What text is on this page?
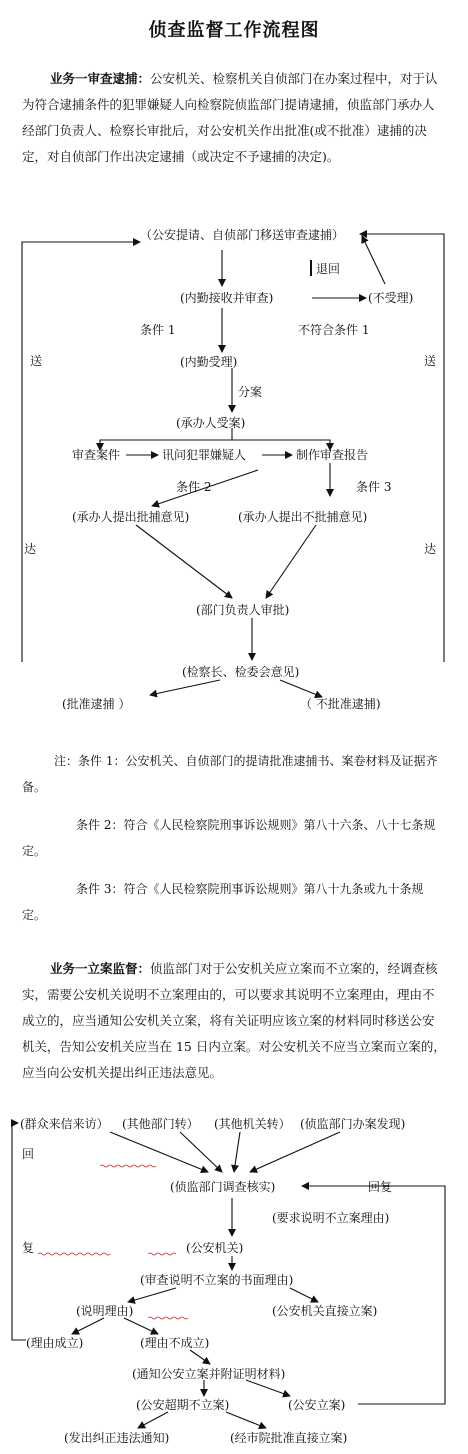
侦查监督工作流程图
业务一审查逮捕：公安机关、检察机关自侦部门在办案过程中，对于认为符合逮捕条件的犯罪嫌疑人向检察院侦监部门提请逮捕，侦监部门承办人经部门负责人、检察长审批后，对公安机关作出批准(或不批准）逮捕的决定，对自侦部门作出决定逮捕（或决定不予逮捕的决定)。
（公安提请、自侦部门移送审查逮捕）
退回
(内勤接收并审查)	(不受理)
条件 1	不符合条件 1
(内勤受理)
分案
(承办人受案)
审查案件	讯问犯罪嫌疑人	制作审查报告
条件 2	条件 3
(承办人提出批捕意见)	(承办人提出不批捕意见)
(部门负责人审批)
(检察长、检委会意见)
(批准逮捕 ）	（ 不批准逮捕)
送
达
送
达
注：条件 1：公安机关、自侦部门的提请批准逮捕书、案卷材料及证据齐备。
条件 2：符合《人民检察院刑事诉讼规则》第八十六条、八十七条规定。
条件 3：符合《人民检察院刑事诉讼规则》第八十九条或九十条规定。
业务一立案监督：侦监部门对于公安机关应立案而不立案的，经调查核实，需要公安机关说明不立案理由的，可以要求其说明不立案理由，理由不成立的，应当通知公安机关立案，将有关证明应该立案的材料同时移送公安机关，告知公安机关应当在 15 日内立案。对公安机关不应当立案而立案的，应当向公安机关提出纠正违法意见。
(群众来信来访） (其他部门转） (其他机关转） (侦监部门办案发现)
回
(侦监部门调查核实)	回复
(要求说明不立案理由)
复	(公安机关)
(审查说明不立案的书面理由)
(说明理由)	(公安机关直接立案)
(理由成立)	(理由不成立)
(通知公安立案并附证明材料)
(公安超期不立案)	(公安立案)
(发出纠正违法通知)	(经市院批准直接立案)
